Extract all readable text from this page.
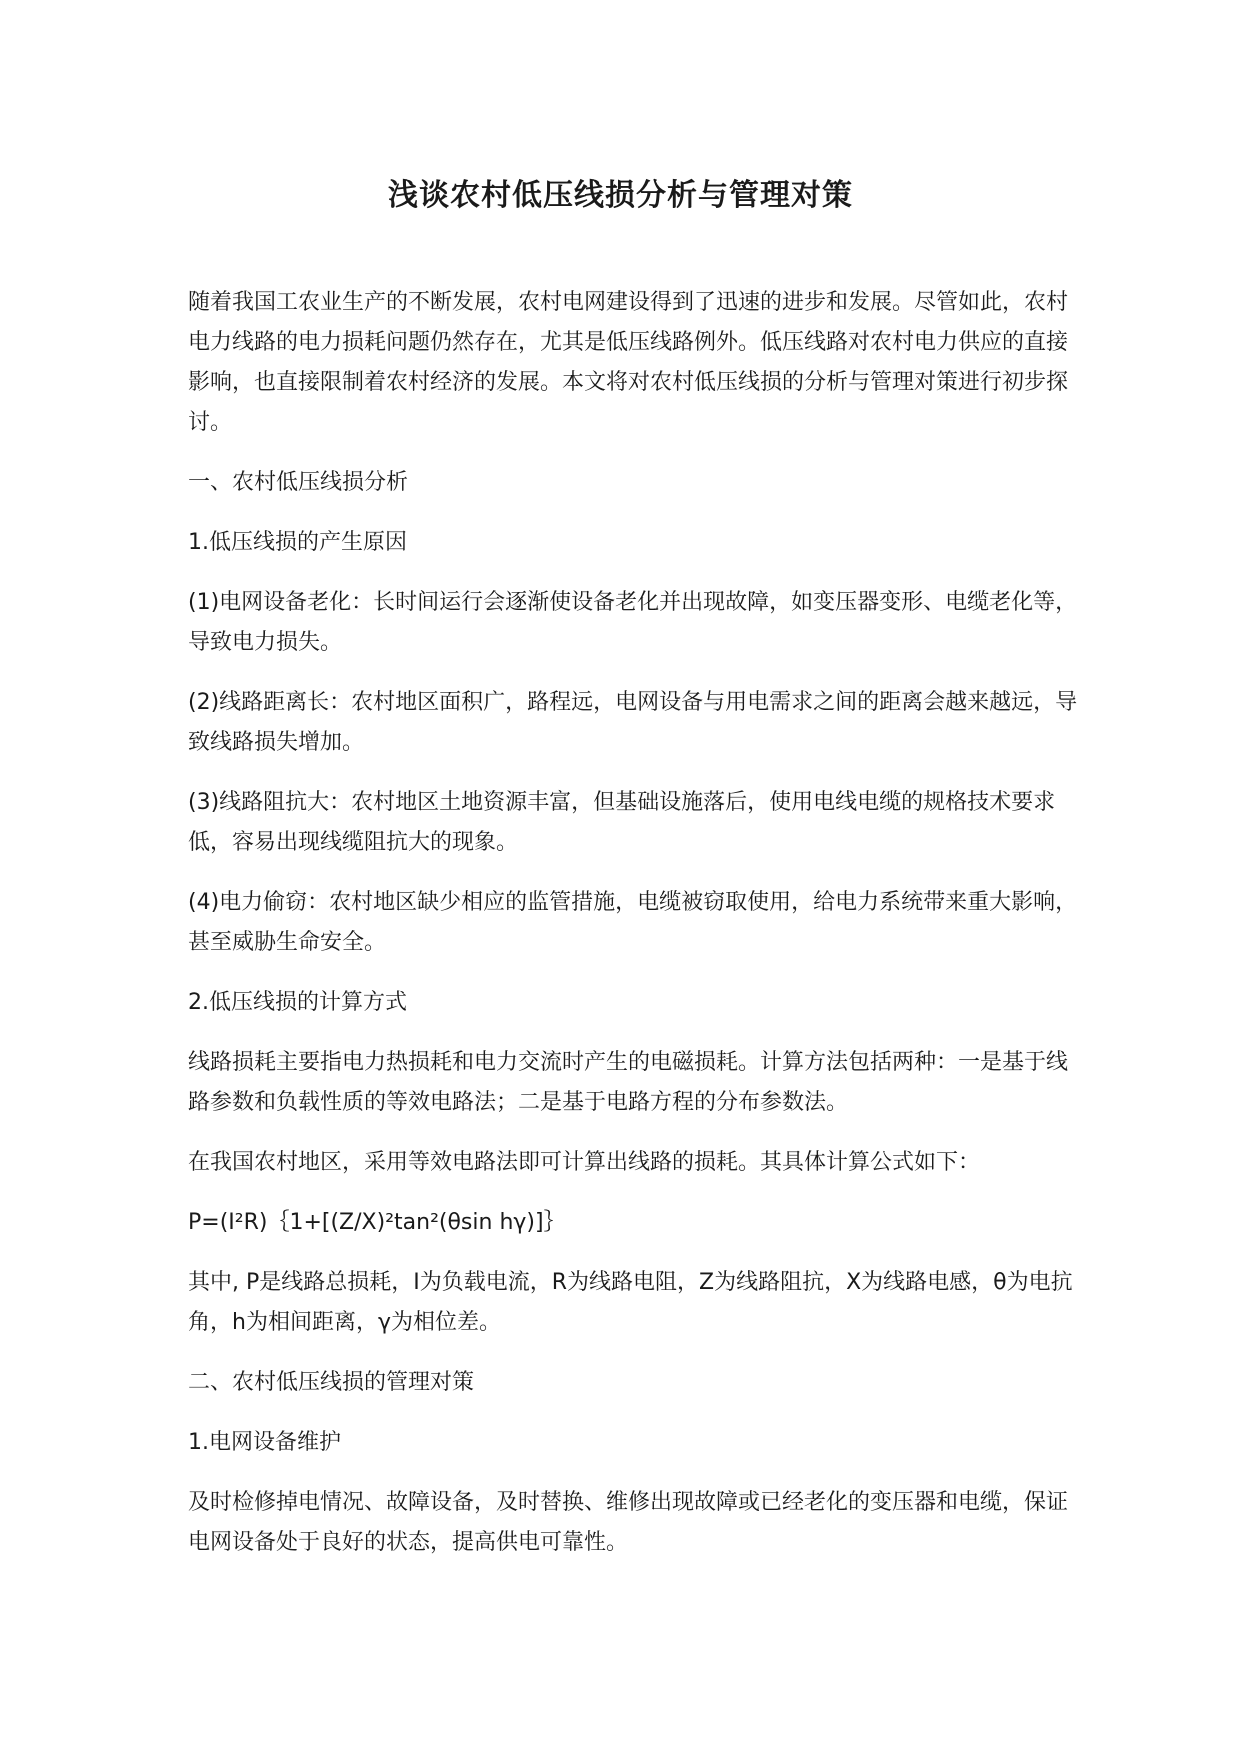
浅谈农村低压线损分析与管理对策

随着我国工农业生产的不断发展，农村电网建设得到了迅速的进步和发展。尽管如此，农村电力线路的电力损耗问题仍然存在，尤其是低压线路例外。低压线路对农村电力供应的直接影响，也直接限制着农村经济的发展。本文将对农村低压线损的分析与管理对策进行初步探讨。

一、农村低压线损分析

1.低压线损的产生原因

(1)电网设备老化：长时间运行会逐渐使设备老化并出现故障，如变压器变形、电缆老化等，导致电力损失。

(2)线路距离长：农村地区面积广，路程远，电网设备与用电需求之间的距离会越来越远，导致线路损失增加。

(3)线路阻抗大：农村地区土地资源丰富，但基础设施落后，使用电线电缆的规格技术要求低，容易出现线缆阻抗大的现象。

(4)电力偷窃：农村地区缺少相应的监管措施，电缆被窃取使用，给电力系统带来重大影响，甚至威胁生命安全。

2.低压线损的计算方式

线路损耗主要指电力热损耗和电力交流时产生的电磁损耗。计算方法包括两种：一是基于线路参数和负载性质的等效电路法；二是基于电路方程的分布参数法。

在我国农村地区，采用等效电路法即可计算出线路的损耗。其具体计算公式如下：

P=(I²R)｛1+[(Z/X)²tan²(θsin hγ)]｝

其中, P是线路总损耗，I为负载电流，R为线路电阻，Z为线路阻抗，X为线路电感，θ为电抗角，h为相间距离，γ为相位差。

二、农村低压线损的管理对策

1.电网设备维护

及时检修掉电情况、故障设备，及时替换、维修出现故障或已经老化的变压器和电缆，保证电网设备处于良好的状态，提高供电可靠性。
